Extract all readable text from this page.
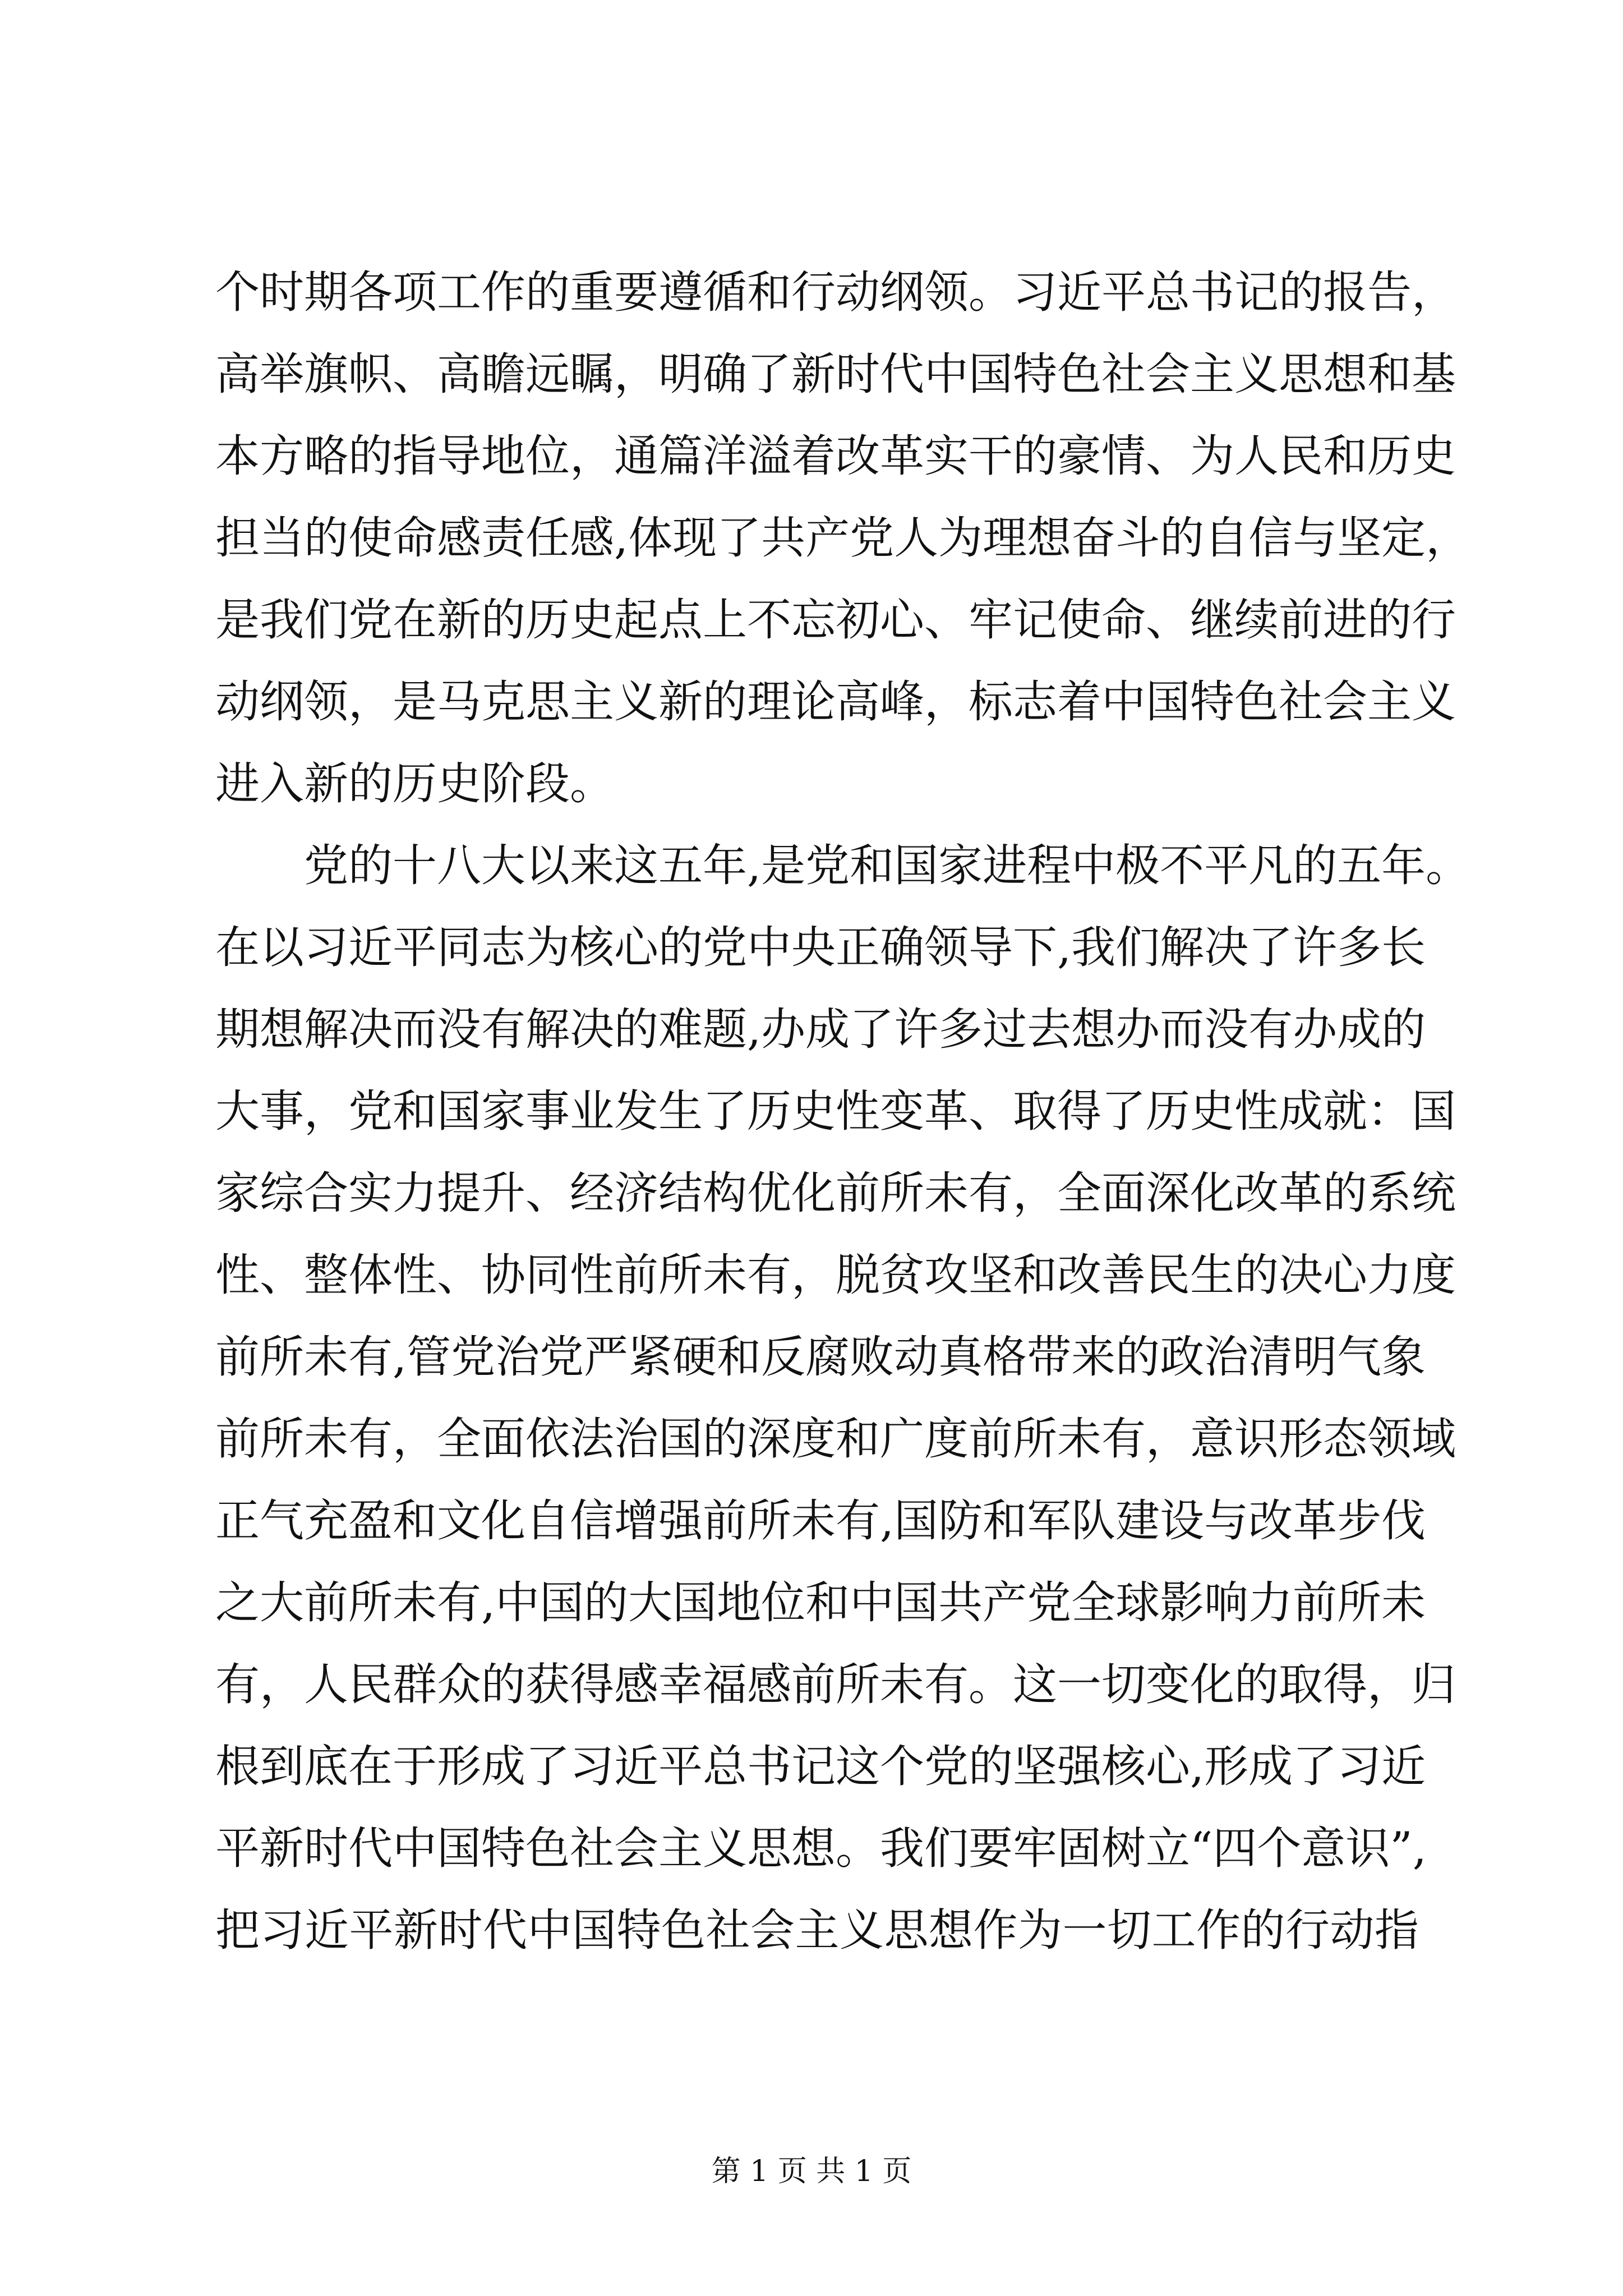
个时期各项工作的重要遵循和行动纲领。习近平总书记的报告，
高举旗帜、高瞻远瞩，明确了新时代中国特色社会主义思想和基
本方略的指导地位，通篇洋溢着改革实干的豪情、为人民和历史
担当的使命感责任感,体现了共产党人为理想奋斗的自信与坚定，
是我们党在新的历史起点上不忘初心、牢记使命、继续前进的行
动纲领，是马克思主义新的理论高峰，标志着中国特色社会主义
进入新的历史阶段。
党的十八大以来这五年,是党和国家进程中极不平凡的五年。
在以习近平同志为核心的党中央正确领导下,我们解决了许多长
期想解决而没有解决的难题,办成了许多过去想办而没有办成的
大事，党和国家事业发生了历史性变革、取得了历史性成就：国
家综合实力提升、经济结构优化前所未有，全面深化改革的系统
性、整体性、协同性前所未有，脱贫攻坚和改善民生的决心力度
前所未有,管党治党严紧硬和反腐败动真格带来的政治清明气象
前所未有，全面依法治国的深度和广度前所未有，意识形态领域
正气充盈和文化自信增强前所未有,国防和军队建设与改革步伐
之大前所未有,中国的大国地位和中国共产党全球影响力前所未
有，人民群众的获得感幸福感前所未有。这一切变化的取得，归
根到底在于形成了习近平总书记这个党的坚强核心,形成了习近
平新时代中国特色社会主义思想。我们要牢固树立“四个意识”,
把习近平新时代中国特色社会主义思想作为一切工作的行动指
第 1 页 共 1 页
